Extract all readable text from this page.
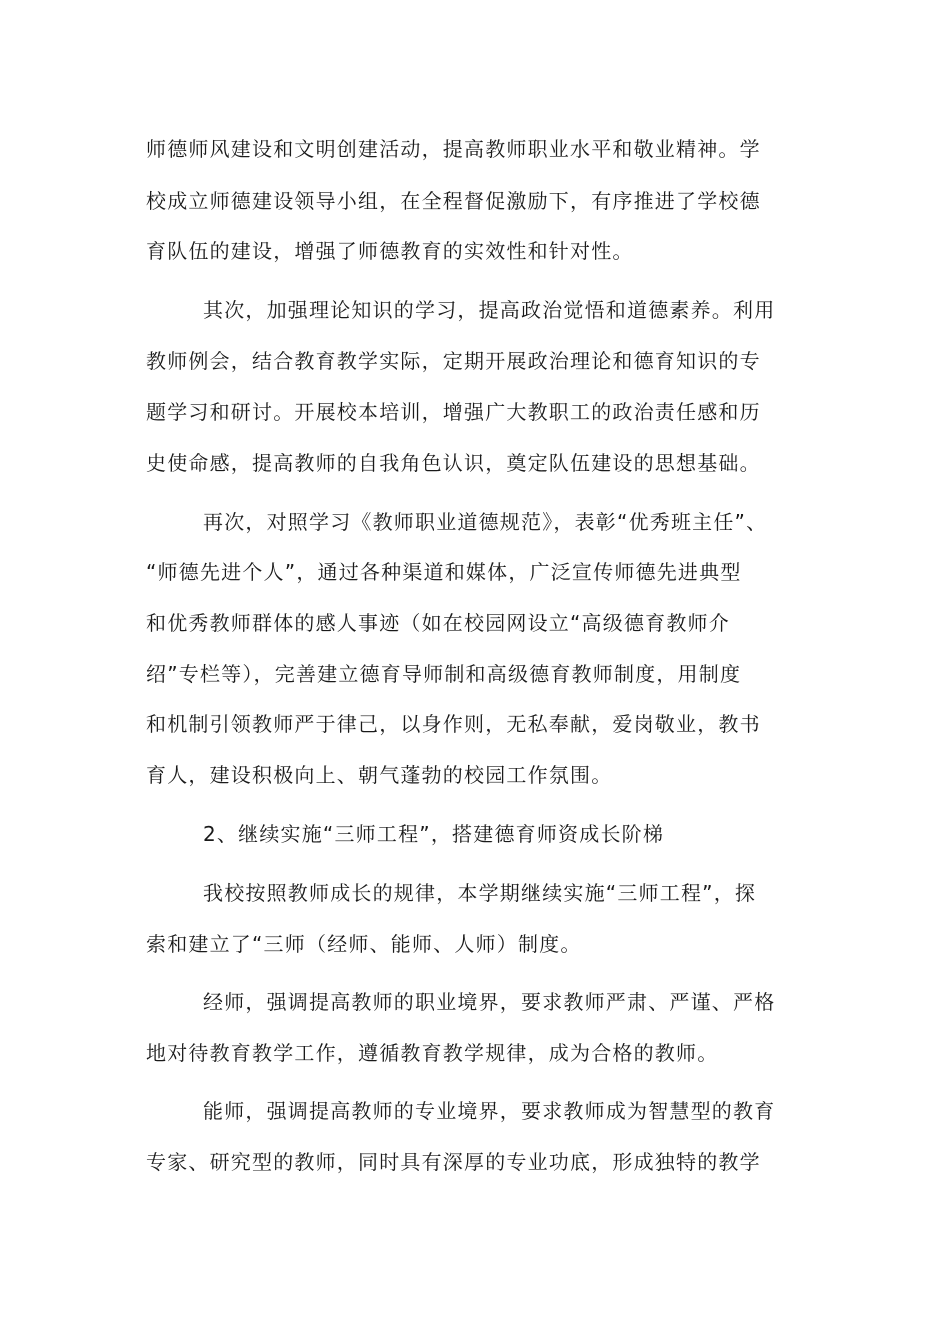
师德师风建设和文明创建活动，提高教师职业水平和敬业精神。学
校成立师德建设领导小组，在全程督促激励下，有序推进了学校德
育队伍的建设，增强了师德教育的实效性和针对性。
其次，加强理论知识的学习，提高政治觉悟和道德素养。利用
教师例会，结合教育教学实际，定期开展政治理论和德育知识的专
题学习和研讨。开展校本培训，增强广大教职工的政治责任感和历
史使命感，提高教师的自我角色认识，奠定队伍建设的思想基础。
再次，对照学习《教师职业道德规范》，表彰“优秀班主任”、
“师德先进个人”，通过各种渠道和媒体，广泛宣传师德先进典型
和优秀教师群体的感人事迹（如在校园网设立“高级德育教师介
绍”专栏等），完善建立德育导师制和高级德育教师制度，用制度
和机制引领教师严于律己，以身作则，无私奉献，爱岗敬业，教书
育人，建设积极向上、朝气蓬勃的校园工作氛围。
2、继续实施“三师工程”，搭建德育师资成长阶梯
我校按照教师成长的规律，本学期继续实施“三师工程”，探
索和建立了“三师（经师、能师、人师）制度。
经师，强调提高教师的职业境界，要求教师严肃、严谨、严格
地对待教育教学工作，遵循教育教学规律，成为合格的教师。
能师，强调提高教师的专业境界，要求教师成为智慧型的教育
专家、研究型的教师，同时具有深厚的专业功底，形成独特的教学
